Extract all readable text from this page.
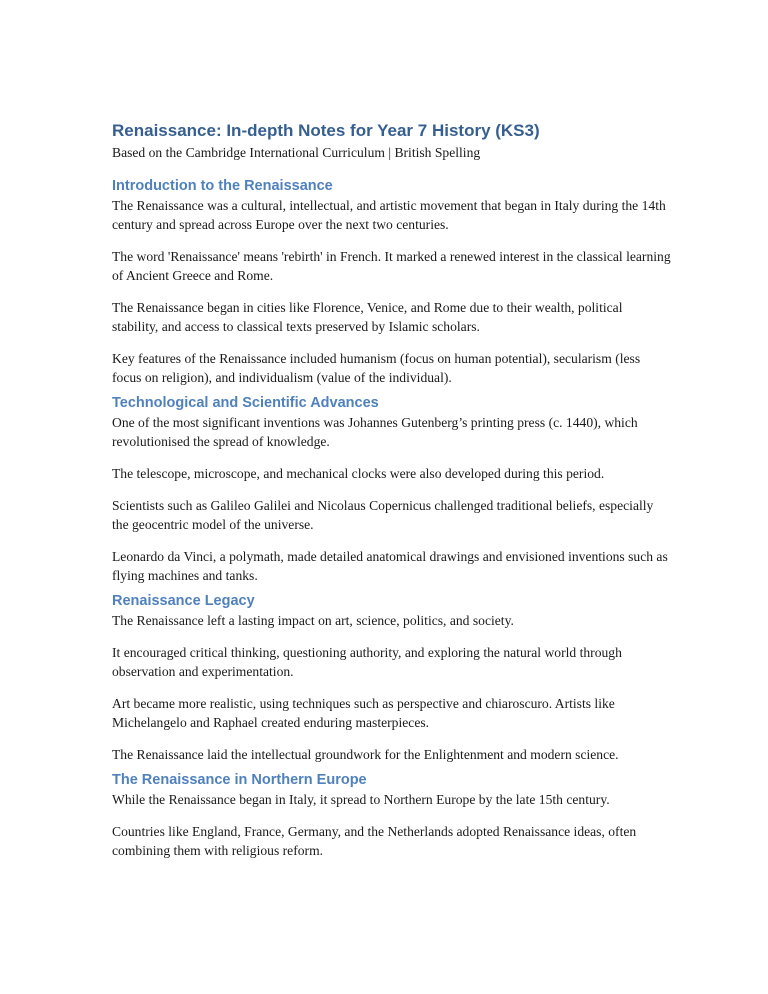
Renaissance: In-depth Notes for Year 7 History (KS3)

Based on the Cambridge International Curriculum | British Spelling

Introduction to the Renaissance

The Renaissance was a cultural, intellectual, and artistic movement that began in Italy during the 14th century and spread across Europe over the next two centuries.

The word 'Renaissance' means 'rebirth' in French. It marked a renewed interest in the classical learning of Ancient Greece and Rome.

The Renaissance began in cities like Florence, Venice, and Rome due to their wealth, political stability, and access to classical texts preserved by Islamic scholars.

Key features of the Renaissance included humanism (focus on human potential), secularism (less focus on religion), and individualism (value of the individual).

Technological and Scientific Advances

One of the most significant inventions was Johannes Gutenberg’s printing press (c. 1440), which revolutionised the spread of knowledge.

The telescope, microscope, and mechanical clocks were also developed during this period.

Scientists such as Galileo Galilei and Nicolaus Copernicus challenged traditional beliefs, especially the geocentric model of the universe.

Leonardo da Vinci, a polymath, made detailed anatomical drawings and envisioned inventions such as flying machines and tanks.

Renaissance Legacy

The Renaissance left a lasting impact on art, science, politics, and society.

It encouraged critical thinking, questioning authority, and exploring the natural world through observation and experimentation.

Art became more realistic, using techniques such as perspective and chiaroscuro. Artists like Michelangelo and Raphael created enduring masterpieces.

The Renaissance laid the intellectual groundwork for the Enlightenment and modern science.

The Renaissance in Northern Europe

While the Renaissance began in Italy, it spread to Northern Europe by the late 15th century.

Countries like England, France, Germany, and the Netherlands adopted Renaissance ideas, often combining them with religious reform.
